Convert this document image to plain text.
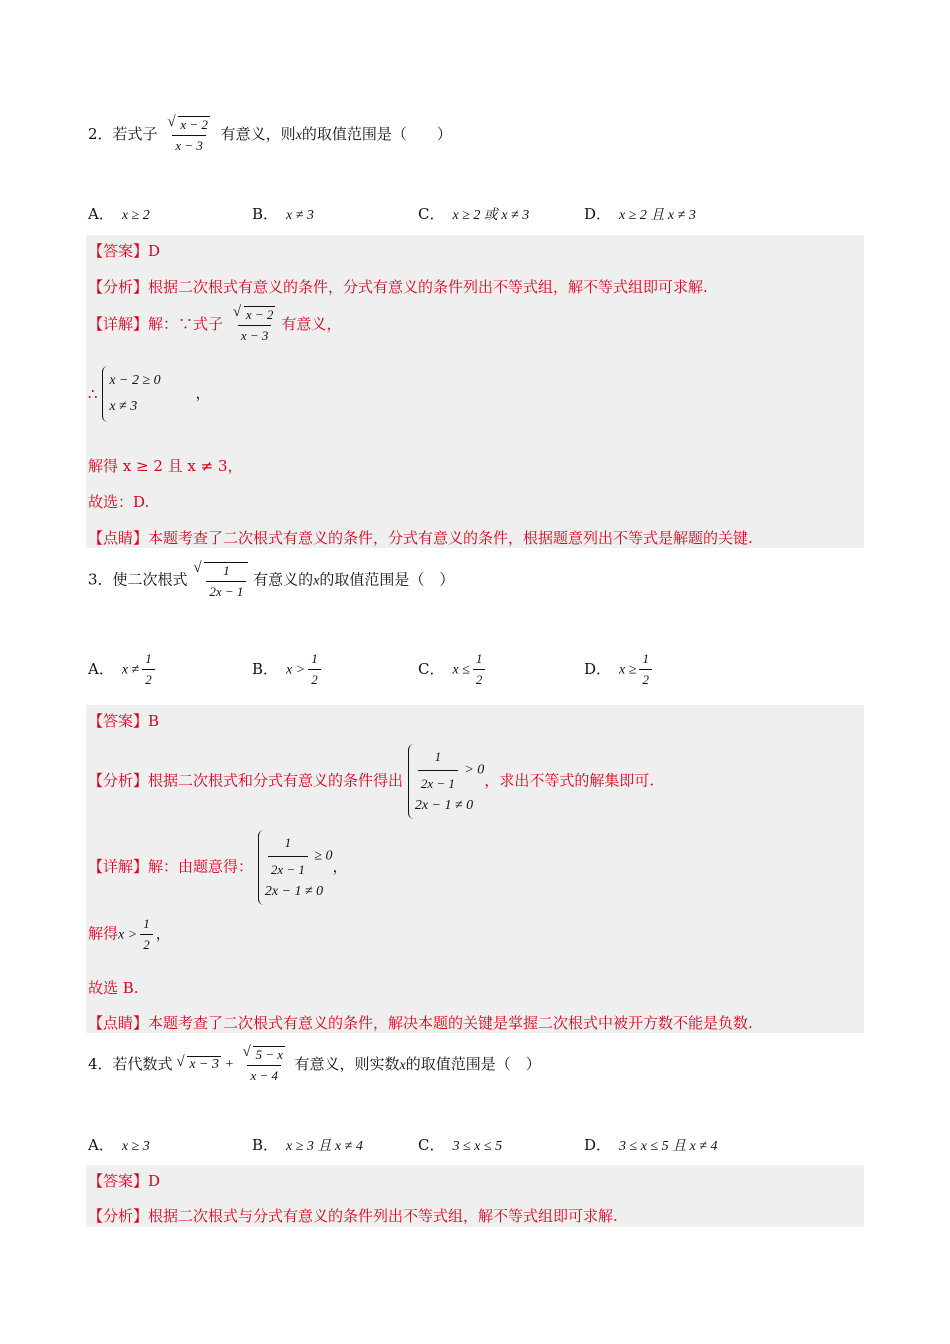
2．若式子 √ $\frac{x - 2}{x - 3}$ 有意义，则x的取值范围是（　　）
A． x ≥ 2	B． x ≠ 3	C． x ≥ 2 或 x ≠ 3	D． x ≥ 2 且 x ≠ 3
【答案】D
【分析】根据二次根式有意义的条件，分式有意义的条件列出不等式组，解不等式组即可求解.
【详解】解：∵式子 √ $\frac{x - 2}{x - 3}$ 有意义，
∴ x − 2 ≥ 0
x ≠ 3 ，
解得 x ≥ 2 且 x ≠ 3，
故选：D.
【点睛】本题考查了二次根式有意义的条件，分式有意义的条件，根据题意列出不等式是解题的关键.
3．使二次根式 √ $\frac{1}{2x - 1}$ 有意义的x的取值范围是（　）
A． $x \ne \frac{1}{2}$	B． $x > \frac{1}{2}$	C． $x \le \frac{1}{2}$	D． $x \ge \frac{1}{2}$
【答案】B
【分析】根据二次根式和分式有意义的条件得出 $\frac{1}{2x - 1} > 0$
2x − 1 ≠ 0，求出不等式的解集即可.
【详解】解：由题意得： $\frac{1}{2x - 1} \ge 0$
2x − 1 ≠ 0，
解得$x > \frac{1}{2}$ ，
故选 B.
【点睛】本题考查了二次根式有意义的条件，解决本题的关键是掌握二次根式中被开方数不能是负数.
4．若代数式 √ x − 3 + √ $\frac{5 - x}{x - 4}$ 有意义，则实数x的取值范围是（　）
A． x ≥ 3	B． x ≥ 3 且 x ≠ 4	C． 3 ≤ x ≤ 5	D． 3 ≤ x ≤ 5 且 x ≠ 4
【答案】D
【分析】根据二次根式与分式有意义的条件列出不等式组，解不等式组即可求解.
